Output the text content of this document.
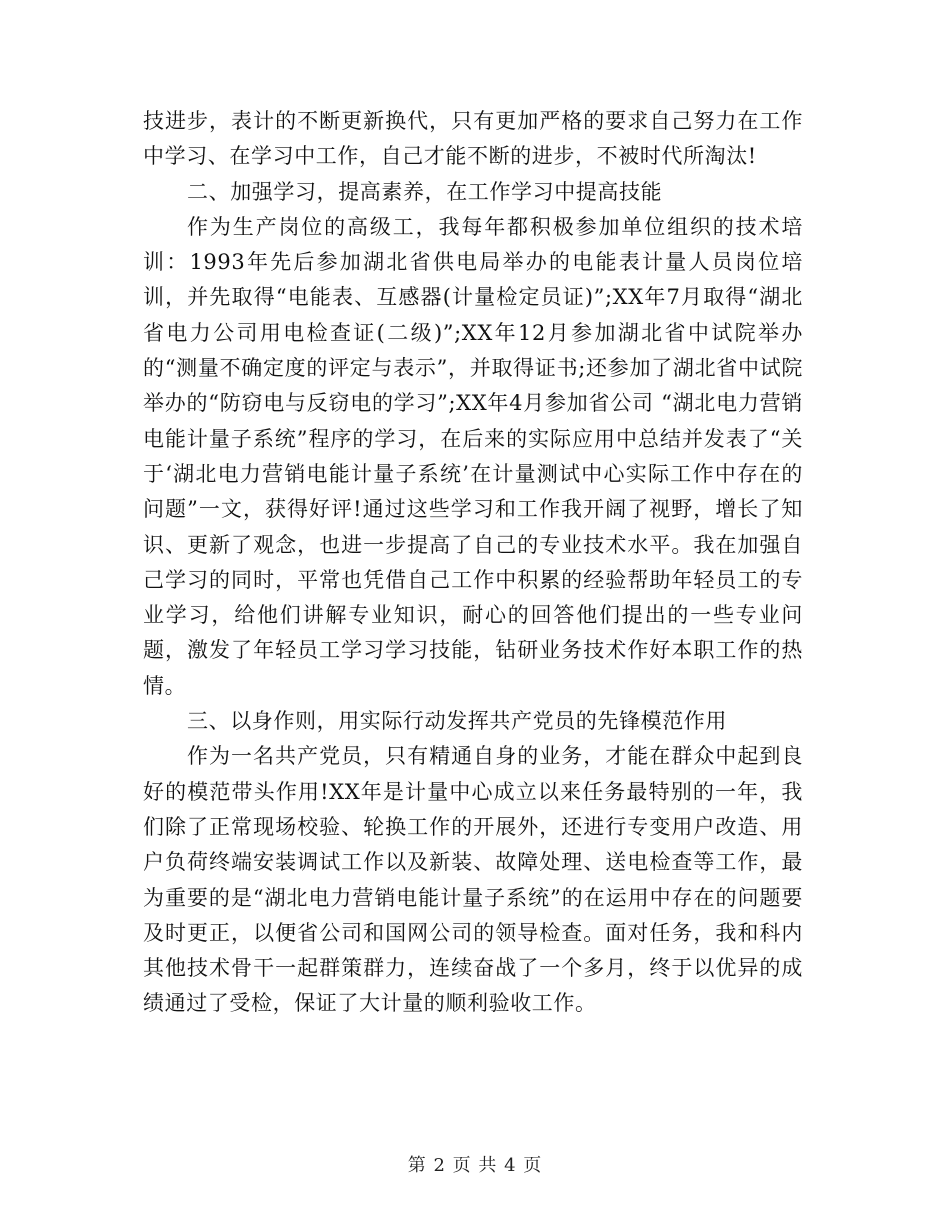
技进步，表计的不断更新换代，只有更加严格的要求自己努力在工作中学习、在学习中工作，自己才能不断的进步，不被时代所淘汰!

二、加强学习，提高素养，在工作学习中提高技能

作为生产岗位的高级工，我每年都积极参加单位组织的技术培训：1993年先后参加湖北省供电局举办的电能表计量人员岗位培训，并先取得“电能表、互感器(计量检定员证)”;XX年7月取得“湖北省电力公司用电检查证(二级)”;XX年12月参加湖北省中试院举办的“测量不确定度的评定与表示”，并取得证书;还参加了湖北省中试院举办的“防窃电与反窃电的学习”;XX年4月参加省公司 “湖北电力营销电能计量子系统”程序的学习，在后来的实际应用中总结并发表了“关于‘湖北电力营销电能计量子系统’在计量测试中心实际工作中存在的问题”一文，获得好评!通过这些学习和工作我开阔了视野，增长了知识、更新了观念，也进一步提高了自己的专业技术水平。我在加强自己学习的同时，平常也凭借自己工作中积累的经验帮助年轻员工的专业学习，给他们讲解专业知识，耐心的回答他们提出的一些专业问题，激发了年轻员工学习学习技能，钻研业务技术作好本职工作的热情。

三、以身作则，用实际行动发挥共产党员的先锋模范作用

作为一名共产党员，只有精通自身的业务，才能在群众中起到良好的模范带头作用!XX年是计量中心成立以来任务最特别的一年，我们除了正常现场校验、轮换工作的开展外，还进行专变用户改造、用户负荷终端安装调试工作以及新装、故障处理、送电检查等工作，最为重要的是“湖北电力营销电能计量子系统”的在运用中存在的问题要及时更正，以便省公司和国网公司的领导检查。面对任务，我和科内其他技术骨干一起群策群力，连续奋战了一个多月，终于以优异的成绩通过了受检，保证了大计量的顺利验收工作。

第 2 页 共 4 页
